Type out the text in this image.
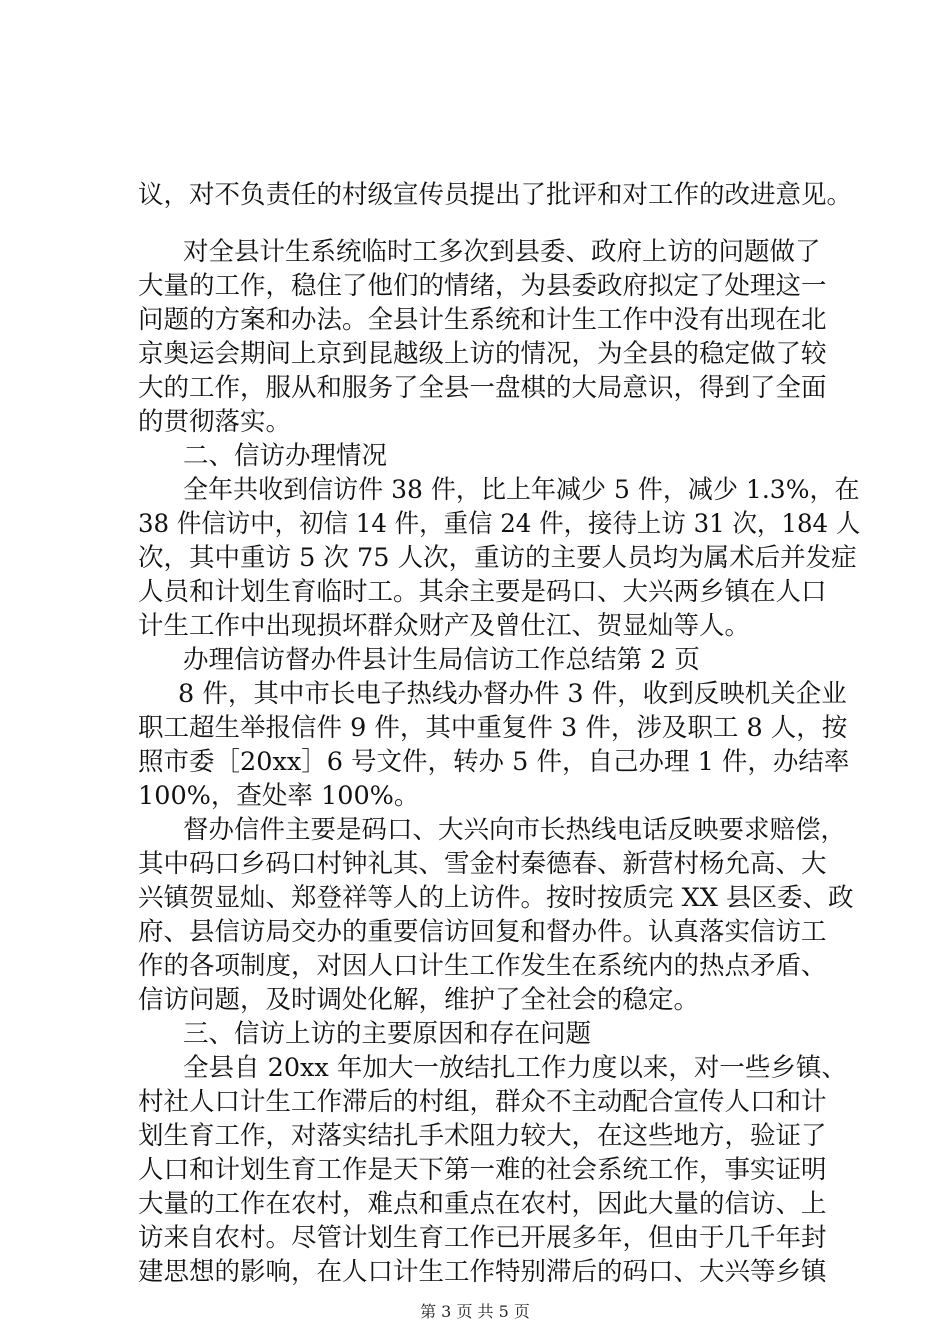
议，对不负责任的村级宣传员提出了批评和对工作的改进意见。
对全县计生系统临时工多次到县委、政府上访的问题做了
大量的工作，稳住了他们的情绪，为县委政府拟定了处理这一
问题的方案和办法。全县计生系统和计生工作中没有出现在北
京奥运会期间上京到昆越级上访的情况，为全县的稳定做了较
大的工作，服从和服务了全县一盘棋的大局意识，得到了全面
的贯彻落实。
二、信访办理情况
全年共收到信访件 38 件，比上年减少 5 件，减少 1.3%，在
38 件信访中，初信 14 件，重信 24 件，接待上访 31 次，184 人
次，其中重访 5 次 75 人次，重访的主要人员均为属术后并发症
人员和计划生育临时工。其余主要是码口、大兴两乡镇在人口
计生工作中出现损坏群众财产及曾仕江、贺显灿等人。
办理信访督办件县计生局信访工作总结第 2 页
8 件，其中市长电子热线办督办件 3 件，收到反映机关企业
职工超生举报信件 9 件，其中重复件 3 件，涉及职工 8 人，按
照市委［20xx］6 号文件，转办 5 件，自己办理 1 件，办结率
100%，查处率 100%。
督办信件主要是码口、大兴向市长热线电话反映要求赔偿，
其中码口乡码口村钟礼其、雪金村秦德春、新营村杨允高、大
兴镇贺显灿、郑登祥等人的上访件。按时按质完 XX 县区委、政
府、县信访局交办的重要信访回复和督办件。认真落实信访工
作的各项制度，对因人口计生工作发生在系统内的热点矛盾、
信访问题，及时调处化解，维护了全社会的稳定。
三、信访上访的主要原因和存在问题
全县自 20xx 年加大一放结扎工作力度以来，对一些乡镇、
村社人口计生工作滞后的村组，群众不主动配合宣传人口和计
划生育工作，对落实结扎手术阻力较大，在这些地方，验证了
人口和计划生育工作是天下第一难的社会系统工作，事实证明
大量的工作在农村，难点和重点在农村，因此大量的信访、上
访来自农村。尽管计划生育工作已开展多年，但由于几千年封
建思想的影响，在人口计生工作特别滞后的码口、大兴等乡镇
第 3 页 共 5 页
